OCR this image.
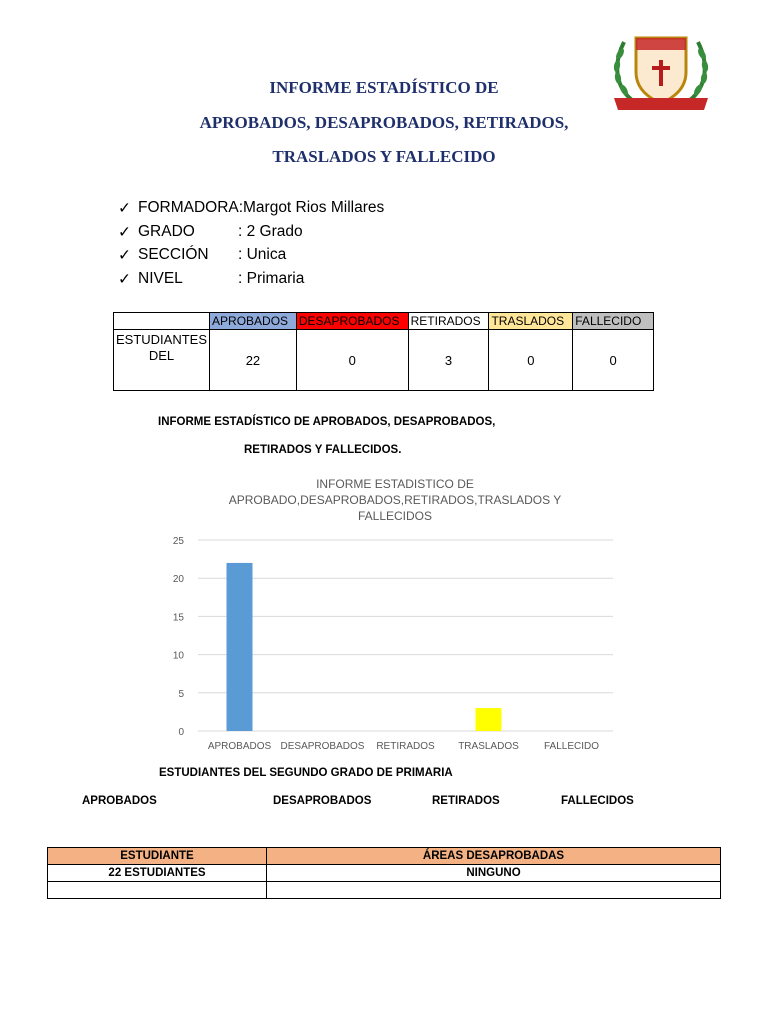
INFORME ESTADÍSTICO DE
APROBADOS, DESAPROBADOS, RETIRADOS,
TRASLADOS Y FALLECIDO
✓ FORMADORA: Margot Rios Millares
✓ GRADO	: 2 Grado
✓ SECCIÓN : Unica
✓ NIVEL	: Primaria
	APROBADOS	DESAPROBADOS	RETIRADOS	TRASLADOS	FALLECIDO
ESTUDIANTES DEL	22	0	3	0	0
INFORME ESTADÍSTICO DE APROBADOS, DESAPROBADOS,
RETIRADOS Y FALLECIDOS.
INFORME ESTADISTICO DE
APROBADO,DESAPROBADOS,RETIRADOS,TRASLADOS Y
FALLECIDOS
0
5
10
15
20
25
APROBADOS DESAPROBADOS RETIRADOS TRASLADOS	FALLECIDO
ESTUDIANTES DEL SEGUNDO GRADO DE PRIMARIA
APROBADOS	DESAPROBADOS	RETIRADOS	FALLECIDOS
ESTUDIANTE	ÁREAS DESAPROBADAS
22 ESTUDIANTES	NINGUNO
